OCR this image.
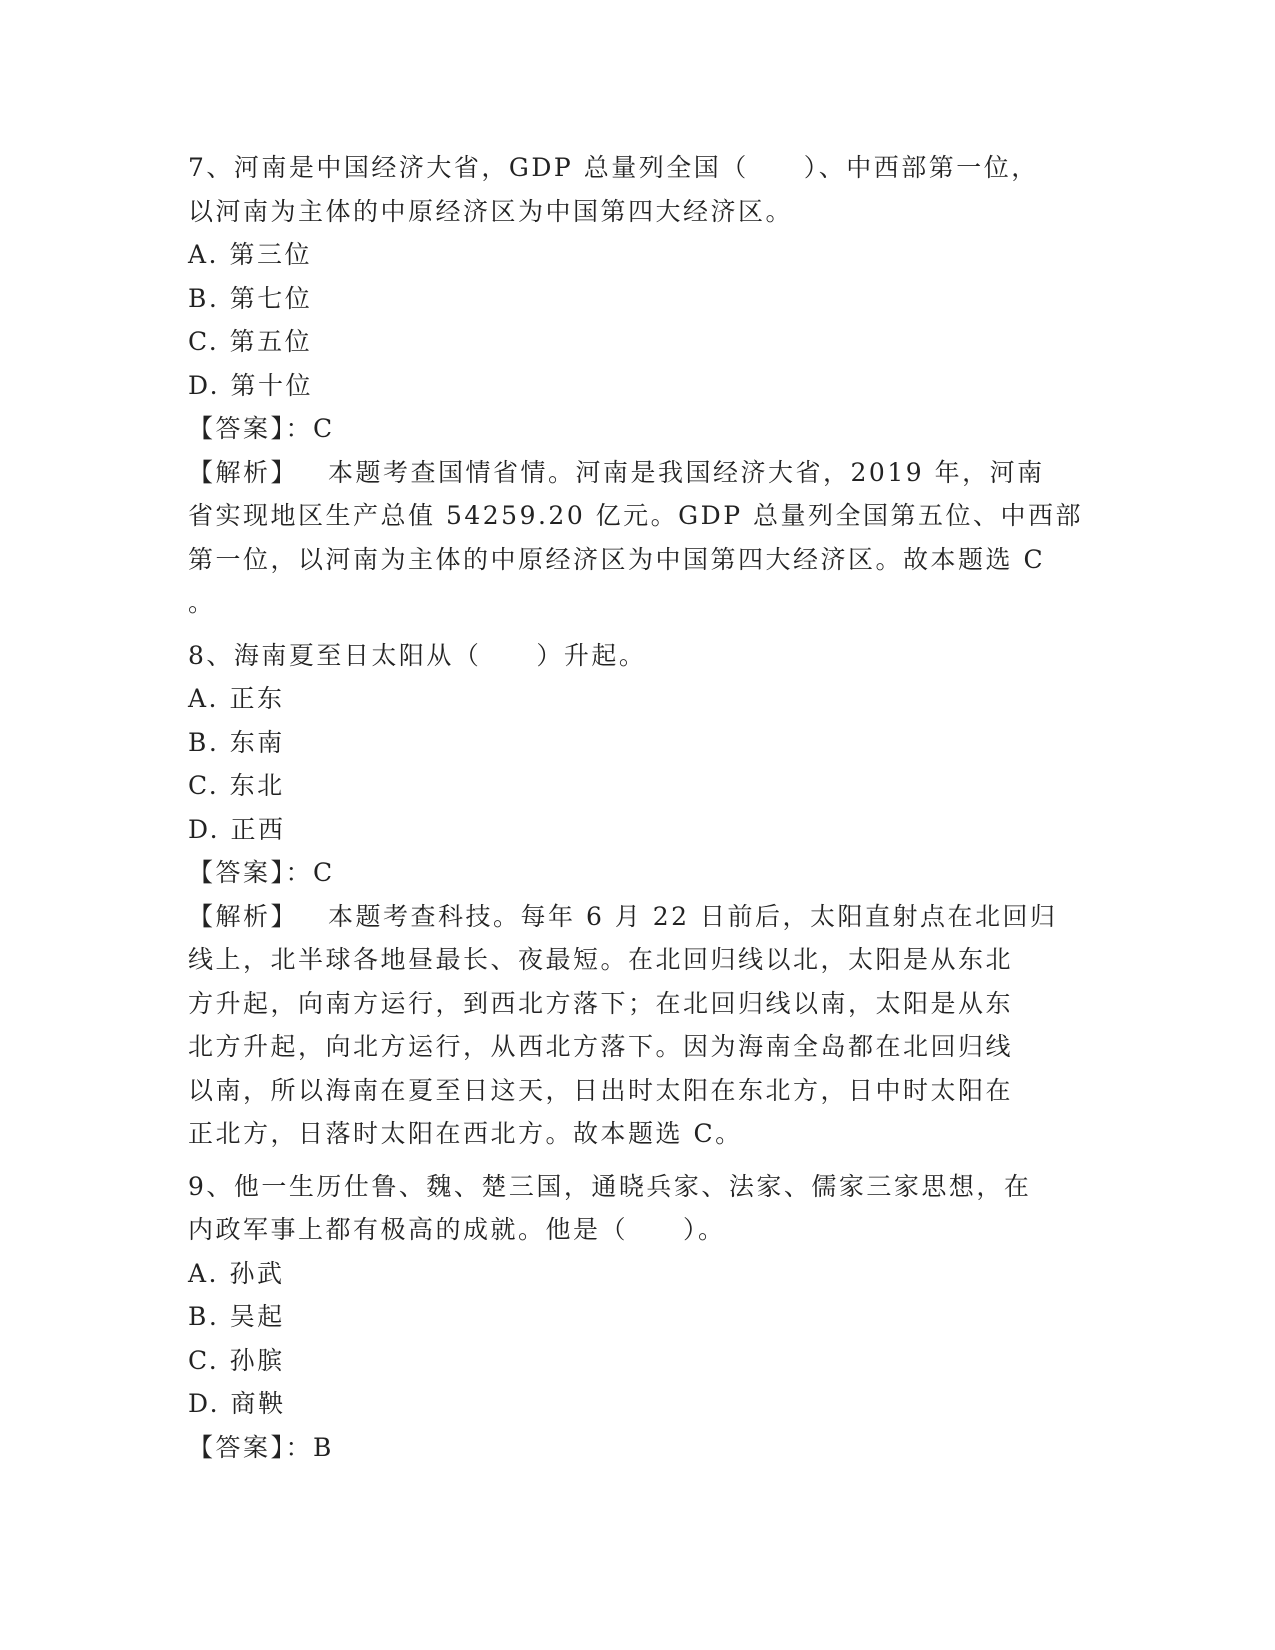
7、河南是中国经济大省，GDP 总量列全国（　　）、中西部第一位，
以河南为主体的中原经济区为中国第四大经济区。
A. 第三位
B. 第七位
C. 第五位
D. 第十位
【答案】：C
【解析】 本题考查国情省情。河南是我国经济大省，2019 年，河南
省实现地区生产总值 54259.20 亿元。GDP 总量列全国第五位、中西部
第一位，以河南为主体的中原经济区为中国第四大经济区。故本题选 C
。
8、海南夏至日太阳从（　　）升起。
A. 正东
B. 东南
C. 东北
D. 正西
【答案】：C
【解析】 本题考查科技。每年 6 月 22 日前后，太阳直射点在北回归
线上，北半球各地昼最长、夜最短。在北回归线以北，太阳是从东北
方升起，向南方运行，到西北方落下；在北回归线以南，太阳是从东
北方升起，向北方运行，从西北方落下。因为海南全岛都在北回归线
以南，所以海南在夏至日这天，日出时太阳在东北方，日中时太阳在
正北方，日落时太阳在西北方。故本题选 C。
9、他一生历仕鲁、魏、楚三国，通晓兵家、法家、儒家三家思想，在
内政军事上都有极高的成就。他是（　　）。
A. 孙武
B. 吴起
C. 孙膑
D. 商鞅
【答案】：B
